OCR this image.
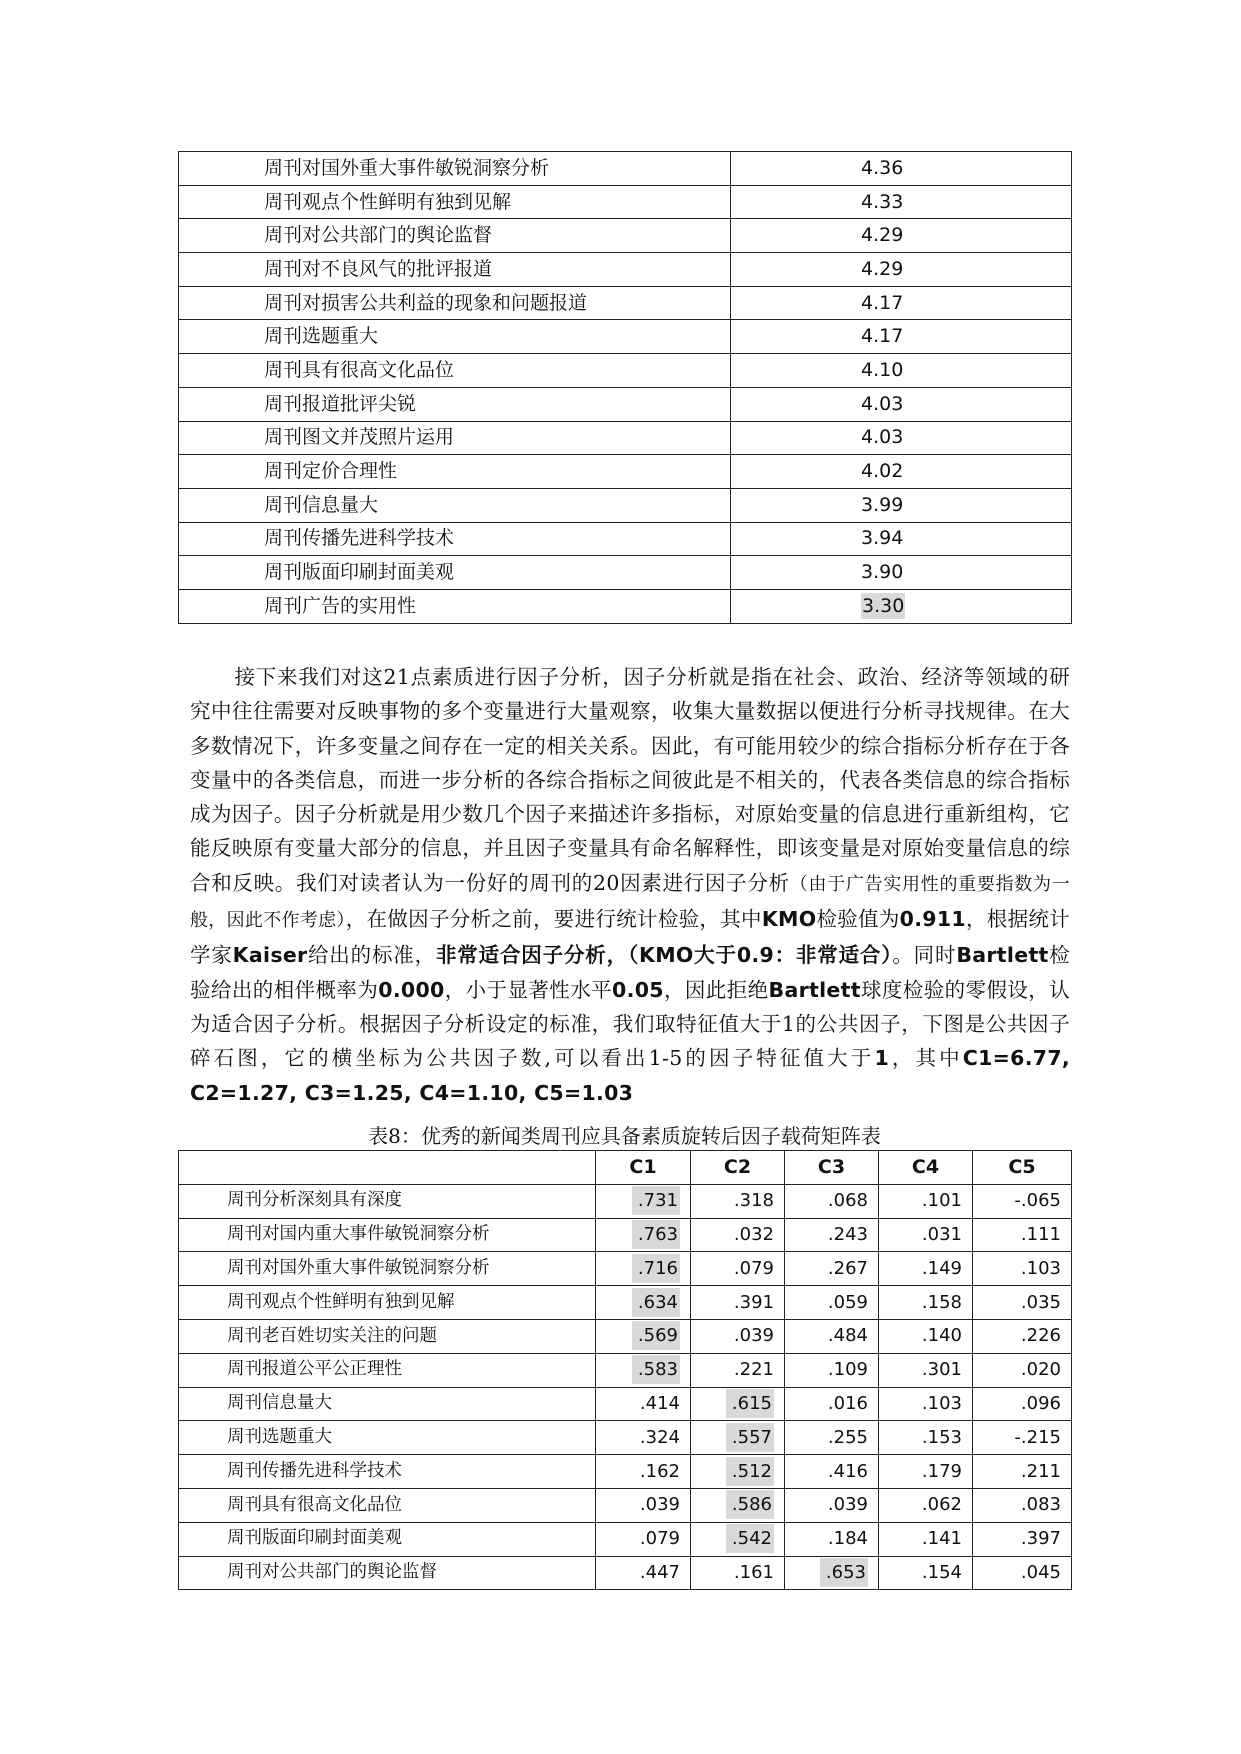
周刊对国外重大事件敏锐洞察分析	4.36
周刊观点个性鲜明有独到见解	4.33
周刊对公共部门的舆论监督	4.29
周刊对不良风气的批评报道	4.29
周刊对损害公共利益的现象和问题报道	4.17
周刊选题重大	4.17
周刊具有很高文化品位	4.10
周刊报道批评尖锐	4.03
周刊图文并茂照片运用	4.03
周刊定价合理性	4.02
周刊信息量大	3.99
周刊传播先进科学技术	3.94
周刊版面印刷封面美观	3.90
周刊广告的实用性	3.30

接下来我们对这21点素质进行因子分析，因子分析就是指在社会、政治、经济等领域的研究中往往需要对反映事物的多个变量进行大量观察，收集大量数据以便进行分析寻找规律。在大多数情况下，许多变量之间存在一定的相关关系。因此，有可能用较少的综合指标分析存在于各变量中的各类信息，而进一步分析的各综合指标之间彼此是不相关的，代表各类信息的综合指标成为因子。因子分析就是用少数几个因子来描述许多指标，对原始变量的信息进行重新组构，它能反映原有变量大部分的信息，并且因子变量具有命名解释性，即该变量是对原始变量信息的综合和反映。我们对读者认为一份好的周刊的20因素进行因子分析（由于广告实用性的重要指数为一般，因此不作考虑），在做因子分析之前，要进行统计检验，其中KMO检验值为0.911，根据统计学家Kaiser给出的标准，非常适合因子分析，（KMO大于0.9：非常适合）。同时Bartlett检验给出的相伴概率为0.000，小于显著性水平0.05，因此拒绝Bartlett球度检验的零假设，认为适合因子分析。根据因子分析设定的标准，我们取特征值大于1的公共因子，下图是公共因子碎石图，它的横坐标为公共因子数,可以看出1-5的因子特征值大于1，其中C1=6.77, C2=1.27, C3=1.25, C4=1.10, C5=1.03

表8：优秀的新闻类周刊应具备素质旋转后因子载荷矩阵表

	C1	C2	C3	C4	C5
周刊分析深刻具有深度	.731	.318	.068	.101	-.065
周刊对国内重大事件敏锐洞察分析	.763	.032	.243	.031	.111
周刊对国外重大事件敏锐洞察分析	.716	.079	.267	.149	.103
周刊观点个性鲜明有独到见解	.634	.391	.059	.158	.035
周刊老百姓切实关注的问题	.569	.039	.484	.140	.226
周刊报道公平公正理性	.583	.221	.109	.301	.020
周刊信息量大	.414	.615	.016	.103	.096
周刊选题重大	.324	.557	.255	.153	-.215
周刊传播先进科学技术	.162	.512	.416	.179	.211
周刊具有很高文化品位	.039	.586	.039	.062	.083
周刊版面印刷封面美观	.079	.542	.184	.141	.397
周刊对公共部门的舆论监督	.447	.161	.653	.154	.045
